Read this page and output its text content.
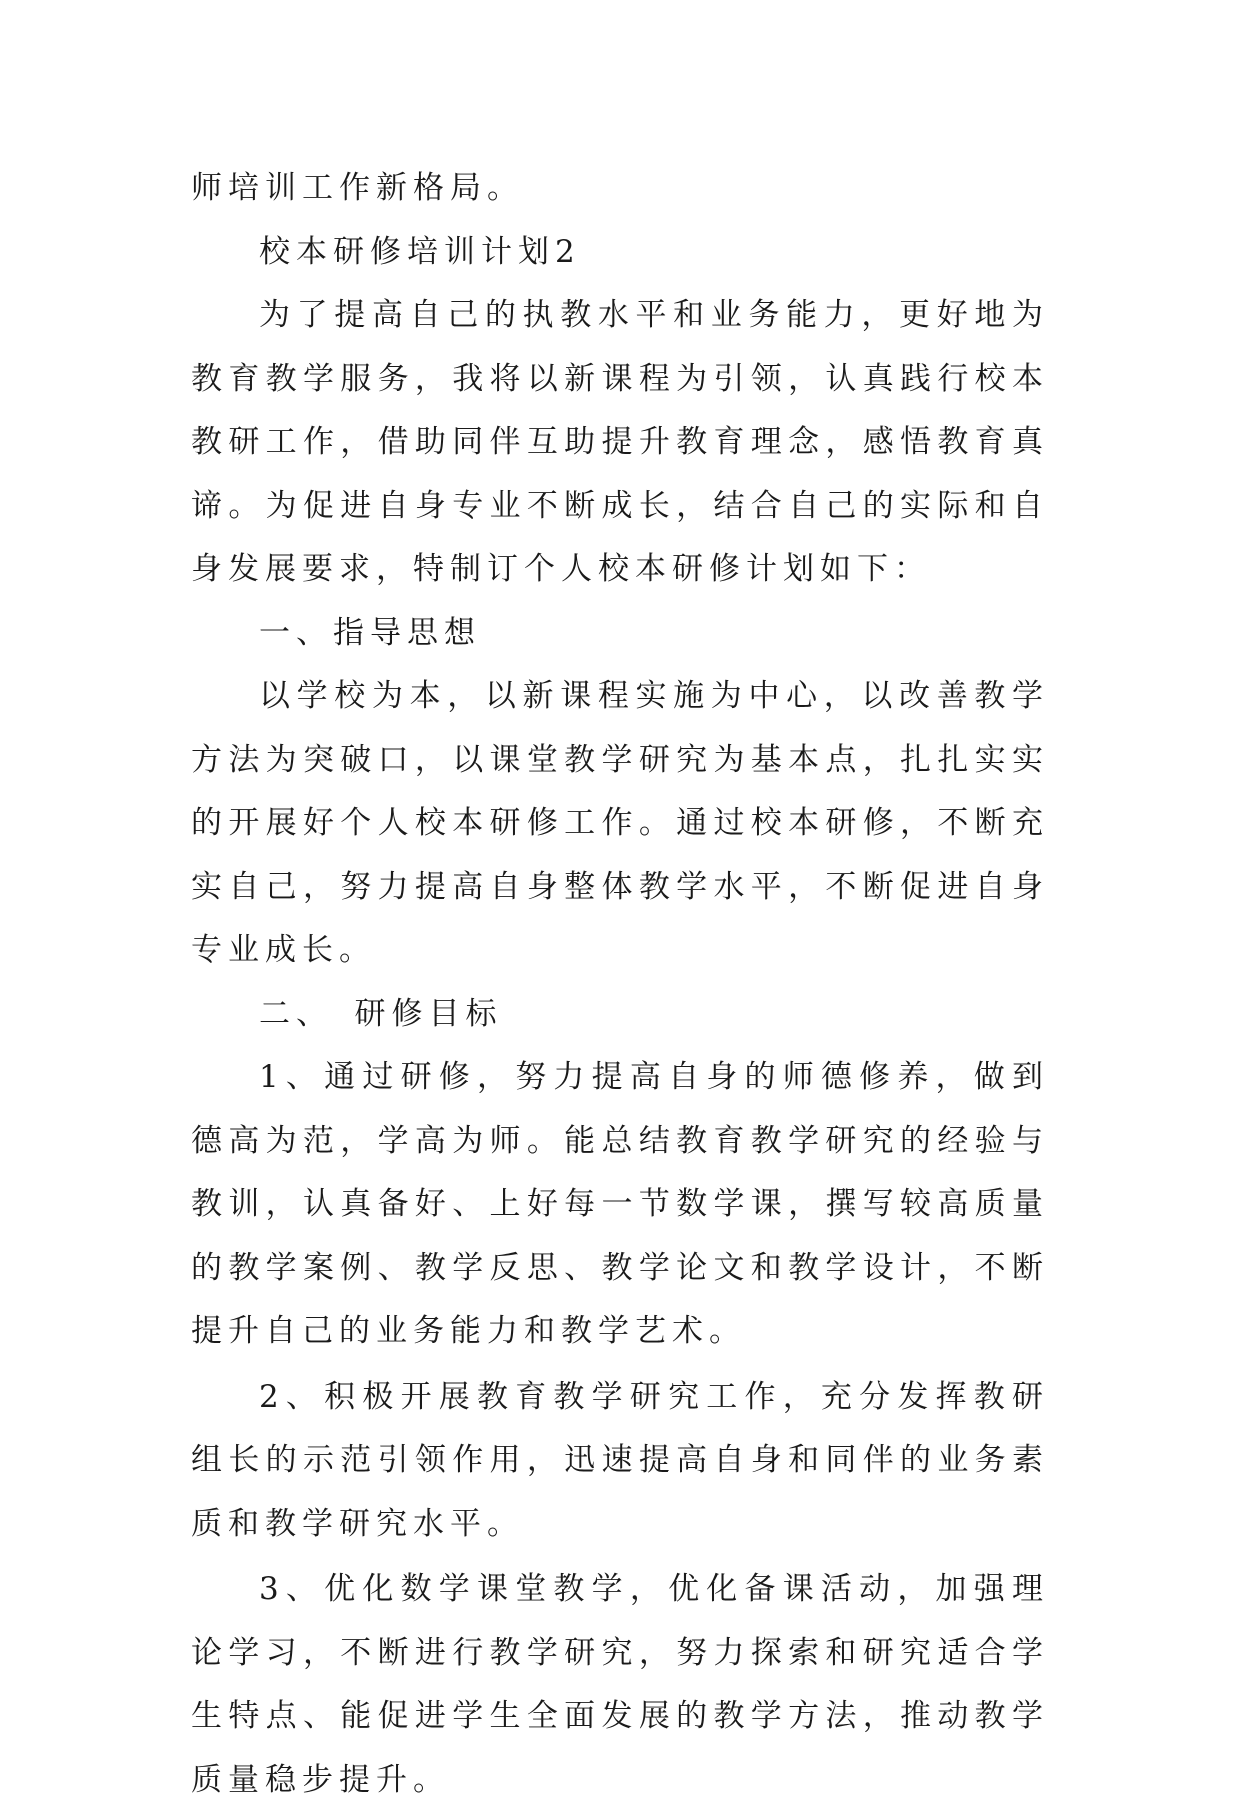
师培训工作新格局。

校本研修培训计划2

为了提高自己的执教水平和业务能力，更好地为教育教学服务，我将以新课程为引领，认真践行校本教研工作，借助同伴互助提升教育理念，感悟教育真谛。为促进自身专业不断成长，结合自己的实际和自身发展要求，特制订个人校本研修计划如下：

一、指导思想

以学校为本，以新课程实施为中心，以改善教学方法为突破口，以课堂教学研究为基本点，扎扎实实的开展好个人校本研修工作。通过校本研修，不断充实自己，努力提高自身整体教学水平，不断促进自身专业成长。

二、　研修目标

1、通过研修，努力提高自身的师德修养，做到德高为范，学高为师。能总结教育教学研究的经验与教训，认真备好、上好每一节数学课，撰写较高质量的教学案例、教学反思、教学论文和教学设计，不断提升自己的业务能力和教学艺术。

2、积极开展教育教学研究工作，充分发挥教研组长的示范引领作用，迅速提高自身和同伴的业务素质和教学研究水平。

3、优化数学课堂教学，优化备课活动，加强理论学习，不断进行教学研究，努力探索和研究适合学生特点、能促进学生全面发展的教学方法，推动教学质量稳步提升。
